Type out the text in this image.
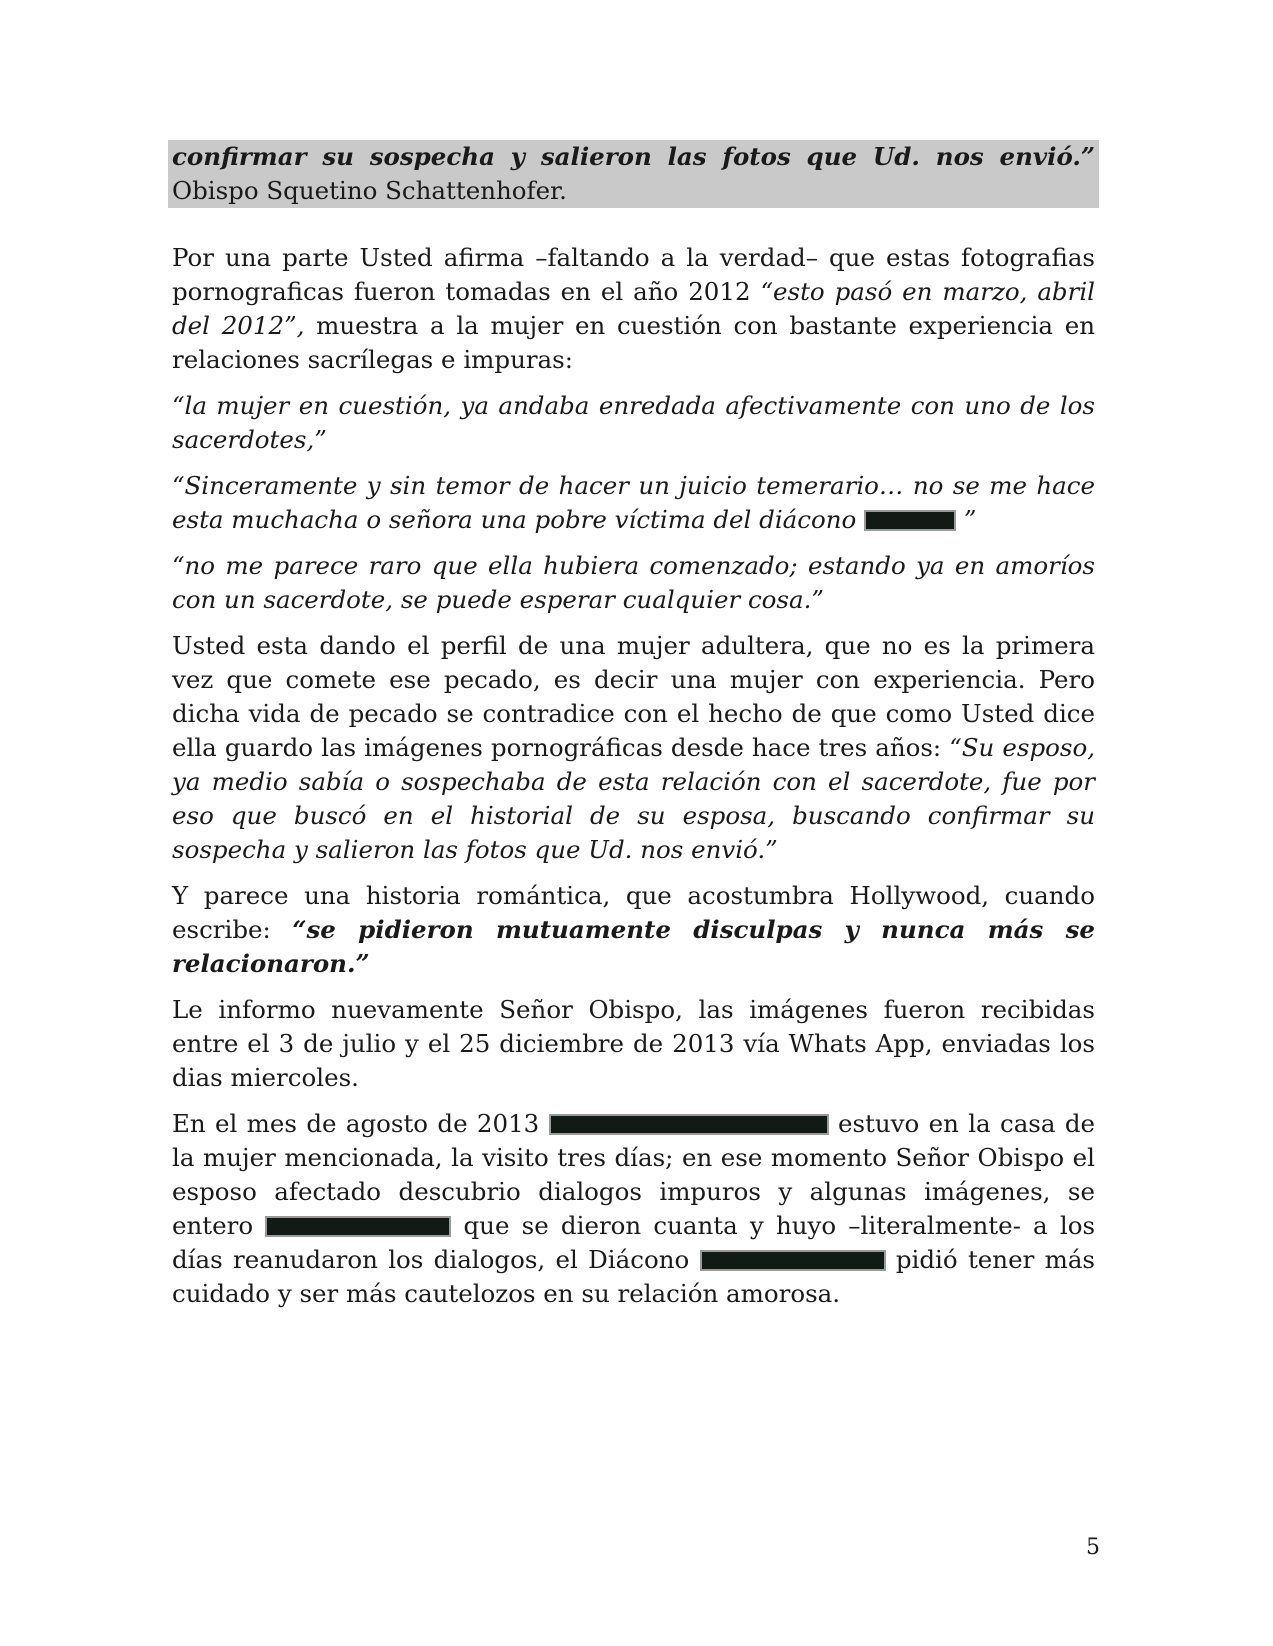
confirmar su sospecha y salieron las fotos que Ud. nos envió.” Obispo Squetino Schattenhofer.

Por una parte Usted afirma –faltando a la verdad– que estas fotografias pornograficas fueron tomadas en el año 2012 “esto pasó en marzo, abril del 2012”, muestra a la mujer en cuestión con bastante experiencia en relaciones sacrílegas e impuras:

“la mujer en cuestión, ya andaba enredada afectivamente con uno de los sacerdotes,”

“Sinceramente y sin temor de hacer un juicio temerario… no se me hace esta muchacha o señora una pobre víctima del diácono	”

“no me parece raro que ella hubiera comenzado; estando ya en amoríos con un sacerdote, se puede esperar cualquier cosa.”

Usted esta dando el perfil de una mujer adultera, que no es la primera vez que comete ese pecado, es decir una mujer con experiencia. Pero dicha vida de pecado se contradice con el hecho de que como Usted dice ella guardo las imágenes pornográficas desde hace tres años: “Su esposo, ya medio sabía o sospechaba de esta relación con el sacerdote, fue por eso que buscó en el historial de su esposa, buscando confirmar su sospecha y salieron las fotos que Ud. nos envió.”

Y parece una historia romántica, que acostumbra Hollywood, cuando escribe: “se pidieron mutuamente disculpas y nunca más se relacionaron.”

Le informo nuevamente Señor Obispo, las imágenes fueron recibidas entre el 3 de julio y el 25 diciembre de 2013 vía Whats App, enviadas los dias miercoles.

En el mes de agosto de 2013	estuvo en la casa de la mujer mencionada, la visito tres días; en ese momento Señor Obispo el esposo afectado descubrio dialogos impuros y algunas imágenes, se entero	que se dieron cuanta y huyo –literalmente- a los días reanudaron los dialogos, el Diácono	pidió tener más cuidado y ser más cautelozos en su relación amorosa.

5
